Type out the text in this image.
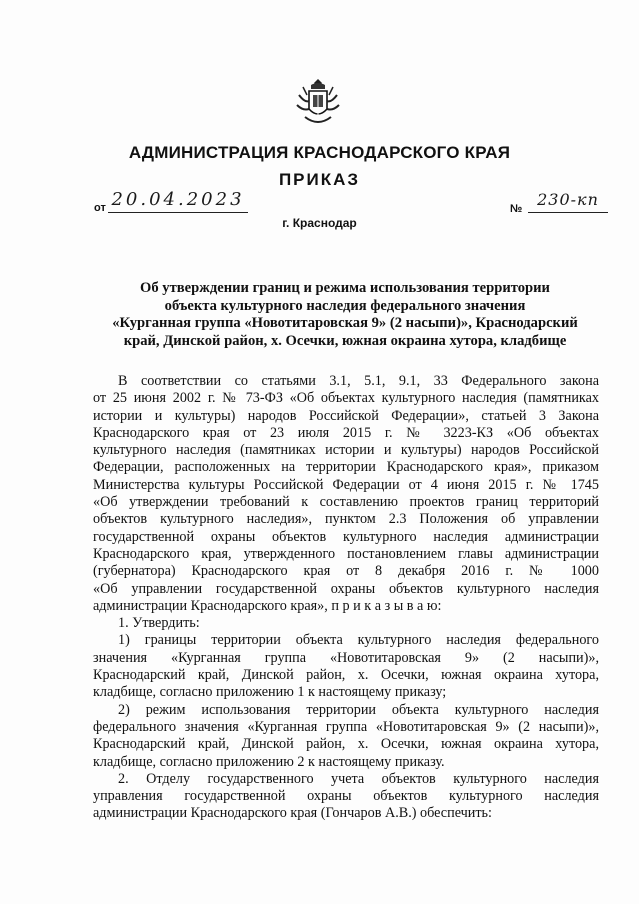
АДМИНИСТРАЦИЯ КРАСНОДАРСКОГО КРАЯ
ПРИКАЗ
от 20.04.2023	№ 230-кп
г. Краснодар
Об утверждении границ и режима использования территории
объекта культурного наследия федерального значения
«Курганная группа «Новотитаровская 9» (2 насыпи)», Краснодарский
край, Динской район, х. Осечки, южная окраина хутора, кладбище
В соответствии со статьями 3.1, 5.1, 9.1, 33 Федерального закона
от 25 июня 2002 г. № 73-ФЗ «Об объектах культурного наследия (памятниках
истории и культуры) народов Российской Федерации», статьей 3 Закона
Краснодарского края от 23 июля 2015 г. № 3223-КЗ «Об объектах
культурного наследия (памятниках истории и культуры) народов Российской
Федерации, расположенных на территории Краснодарского края», приказом
Министерства культуры Российской Федерации от 4 июня 2015 г. № 1745
«Об утверждении требований к составлению проектов границ территорий
объектов культурного наследия», пунктом 2.3 Положения об управлении
государственной охраны объектов культурного наследия администрации
Краснодарского края, утвержденного постановлением главы администрации
(губернатора) Краснодарского края от 8 декабря 2016 г. № 1000
«Об управлении государственной охраны объектов культурного наследия
администрации Краснодарского края», п р и к а з ы в а ю:
1. Утвердить:
1) границы территории объекта культурного наследия федерального
значения «Курганная группа «Новотитаровская 9» (2 насыпи)»,
Краснодарский край, Динской район, х. Осечки, южная окраина хутора,
кладбище, согласно приложению 1 к настоящему приказу;
2) режим использования территории объекта культурного наследия
федерального значения «Курганная группа «Новотитаровская 9» (2 насыпи)»,
Краснодарский край, Динской район, х. Осечки, южная окраина хутора,
кладбище, согласно приложению 2 к настоящему приказу.
2. Отделу государственного учета объектов культурного наследия
управления государственной охраны объектов культурного наследия
администрации Краснодарского края (Гончаров А.В.) обеспечить:
